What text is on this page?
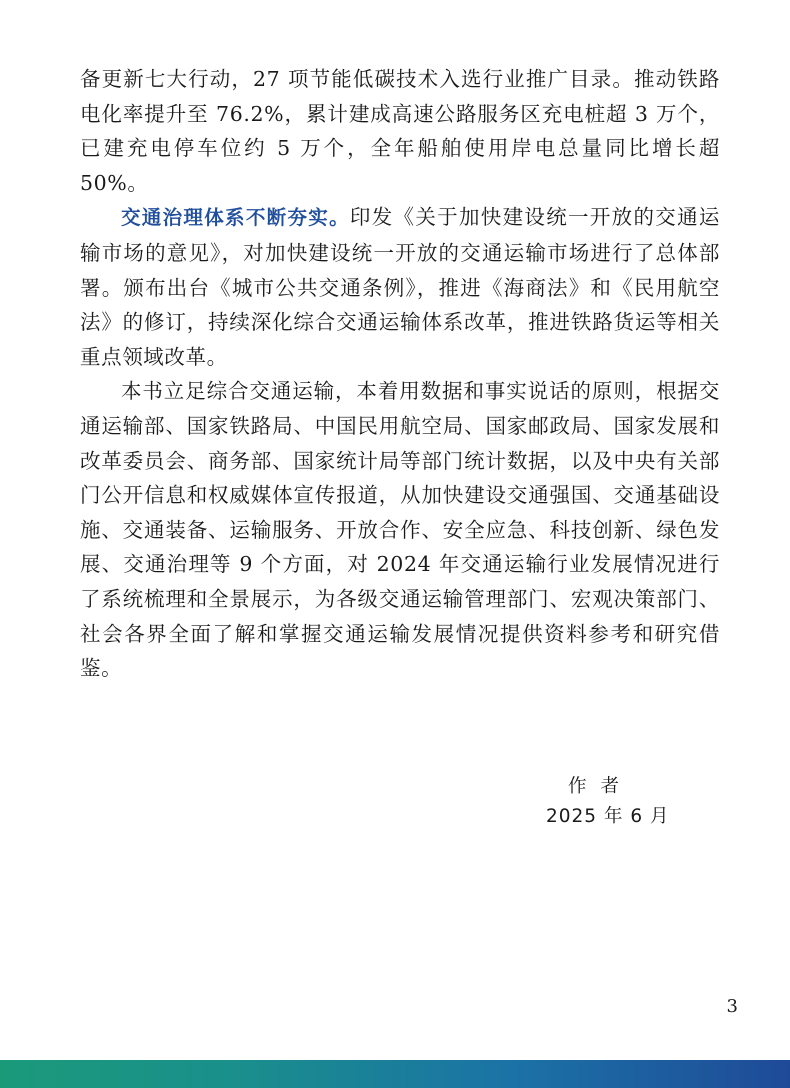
备更新七大行动，27 项节能低碳技术入选行业推广目录。推动铁路电化率提升至 76.2%，累计建成高速公路服务区充电桩超 3 万个，已建充电停车位约 5 万个，全年船舶使用岸电总量同比增长超 50%。

交通治理体系不断夯实。印发《关于加快建设统一开放的交通运输市场的意见》，对加快建设统一开放的交通运输市场进行了总体部署。颁布出台《城市公共交通条例》，推进《海商法》和《民用航空法》的修订，持续深化综合交通运输体系改革，推进铁路货运等相关重点领域改革。

本书立足综合交通运输，本着用数据和事实说话的原则，根据交通运输部、国家铁路局、中国民用航空局、国家邮政局、国家发展和改革委员会、商务部、国家统计局等部门统计数据，以及中央有关部门公开信息和权威媒体宣传报道，从加快建设交通强国、交通基础设施、交通装备、运输服务、开放合作、安全应急、科技创新、绿色发展、交通治理等 9 个方面，对 2024 年交通运输行业发展情况进行了系统梳理和全景展示，为各级交通运输管理部门、宏观决策部门、社会各界全面了解和掌握交通运输发展情况提供资料参考和研究借鉴。

作者
2025 年 6 月
3
